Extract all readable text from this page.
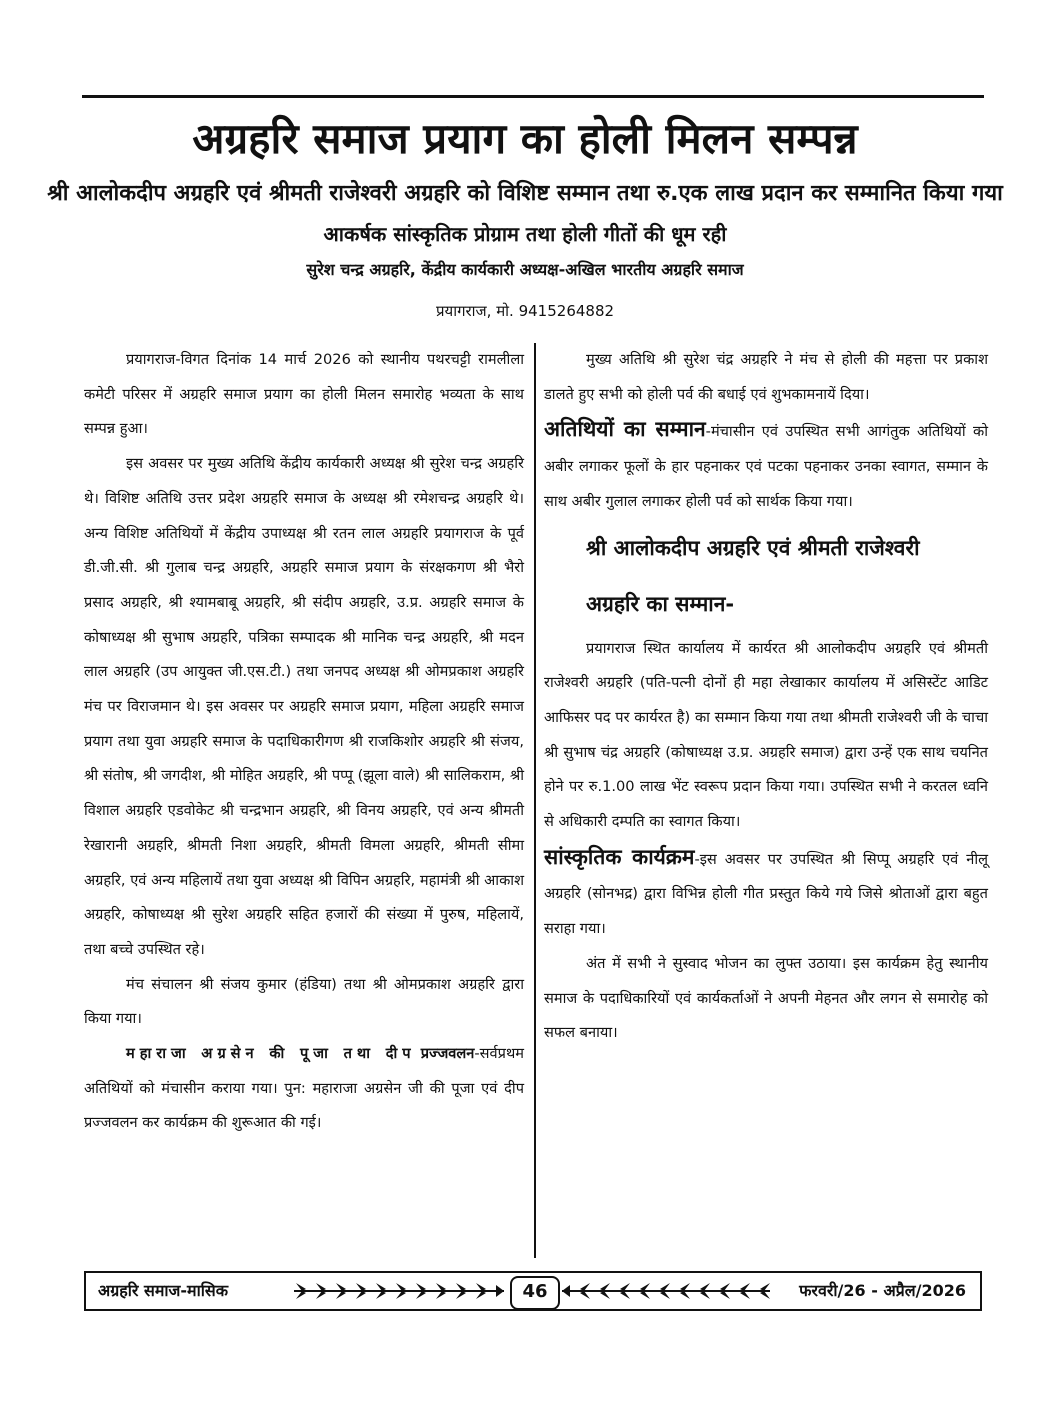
अग्रहरि समाज प्रयाग का होली मिलन सम्पन्न
श्री आलोकदीप अग्रहरि एवं श्रीमती राजेश्वरी अग्रहरि को विशिष्ट सम्मान तथा रु.एक लाख प्रदान कर सम्मानित किया गया
आकर्षक सांस्कृतिक प्रोग्राम तथा होली गीतों की धूम रही
सुरेश चन्द्र अग्रहरि, केंद्रीय कार्यकारी अध्यक्ष-अखिल भारतीय अग्रहरि समाज
प्रयागराज, मो. 9415264882

प्रयागराज-विगत दिनांक 14 मार्च 2026 को स्थानीय पथरचट्टी रामलीला कमेटी परिसर में अग्रहरि समाज प्रयाग का होली मिलन समारोह भव्यता के साथ सम्पन्न हुआ।

इस अवसर पर मुख्य अतिथि केंद्रीय कार्यकारी अध्यक्ष श्री सुरेश चन्द्र अग्रहरि थे। विशिष्ट अतिथि उत्तर प्रदेश अग्रहरि समाज के अध्यक्ष श्री रमेशचन्द्र अग्रहरि थे। अन्य विशिष्ट अतिथियों में केंद्रीय उपाध्यक्ष श्री रतन लाल अग्रहरि प्रयागराज के पूर्व डी.जी.सी. श्री गुलाब चन्द्र अग्रहरि, अग्रहरि समाज प्रयाग के संरक्षकगण श्री भैरो प्रसाद अग्रहरि, श्री श्यामबाबू अग्रहरि, श्री संदीप अग्रहरि, उ.प्र. अग्रहरि समाज के कोषाध्यक्ष श्री सुभाष अग्रहरि, पत्रिका सम्पादक श्री मानिक चन्द्र अग्रहरि, श्री मदन लाल अग्रहरि (उप आयुक्त जी.एस.टी.) तथा जनपद अध्यक्ष श्री ओमप्रकाश अग्रहरि मंच पर विराजमान थे। इस अवसर पर अग्रहरि समाज प्रयाग, महिला अग्रहरि समाज प्रयाग तथा युवा अग्रहरि समाज के पदाधिकारीगण श्री राजकिशोर अग्रहरि श्री संजय, श्री संतोष, श्री जगदीश, श्री मोहित अग्रहरि, श्री पप्पू (झूला वाले) श्री सालिकराम, श्री विशाल अग्रहरि एडवोकेट श्री चन्द्रभान अग्रहरि, श्री विनय अग्रहरि, एवं अन्य श्रीमती रेखारानी अग्रहरि, श्रीमती निशा अग्रहरि, श्रीमती विमला अग्रहरि, श्रीमती सीमा अग्रहरि, एवं अन्य महिलायें तथा युवा अध्यक्ष श्री विपिन अग्रहरि, महामंत्री श्री आकाश अग्रहरि, कोषाध्यक्ष श्री सुरेश अग्रहरि सहित हजारों की संख्या में पुरुष, महिलायें, तथा बच्चे उपस्थित रहे।

मंच संचालन श्री संजय कुमार (हंडिया) तथा श्री ओमप्रकाश अग्रहरि द्वारा किया गया।

महाराजा अग्रसेन की पूजा तथा दीप प्रज्जवलन-सर्वप्रथम अतिथियों को मंचासीन कराया गया। पुन: महाराजा अग्रसेन जी की पूजा एवं दीप प्रज्जवलन कर कार्यक्रम की शुरूआत की गई।

मुख्य अतिथि श्री सुरेश चंद्र अग्रहरि ने मंच से होली की महत्ता पर प्रकाश डालते हुए सभी को होली पर्व की बधाई एवं शुभकामनायें दिया।

अतिथियों का सम्मान-मंचासीन एवं उपस्थित सभी आगंतुक अतिथियों को अबीर लगाकर फूलों के हार पहनाकर एवं पटका पहनाकर उनका स्वागत, सम्मान के साथ अबीर गुलाल लगाकर होली पर्व को सार्थक किया गया।

श्री आलोकदीप अग्रहरि एवं श्रीमती राजेश्वरी

अग्रहरि का सम्मान-

प्रयागराज स्थित कार्यालय में कार्यरत श्री आलोकदीप अग्रहरि एवं श्रीमती राजेश्वरी अग्रहरि (पति-पत्नी दोनों ही महा लेखाकार कार्यालय में असिस्टेंट आडिट आफिसर पद पर कार्यरत है) का सम्मान किया गया तथा श्रीमती राजेश्वरी जी के चाचा श्री सुभाष चंद्र अग्रहरि (कोषाध्यक्ष उ.प्र. अग्रहरि समाज) द्वारा उन्हें एक साथ चयनित होने पर रु.1.00 लाख भेंट स्वरूप प्रदान किया गया। उपस्थित सभी ने करतल ध्वनि से अधिकारी दम्पति का स्वागत किया।

सांस्कृतिक कार्यक्रम-इस अवसर पर उपस्थित श्री सिप्पू अग्रहरि एवं नीलू अग्रहरि (सोनभद्र) द्वारा विभिन्न होली गीत प्रस्तुत किये गये जिसे श्रोताओं द्वारा बहुत सराहा गया।

अंत में सभी ने सुस्वाद भोजन का लुफ्त उठाया। इस कार्यक्रम हेतु स्थानीय समाज के पदाधिकारियों एवं कार्यकर्ताओं ने अपनी मेहनत और लगन से समारोह को सफल बनाया।

अग्रहरि समाज-मासिक	46	फरवरी/26 - अप्रैल/2026
